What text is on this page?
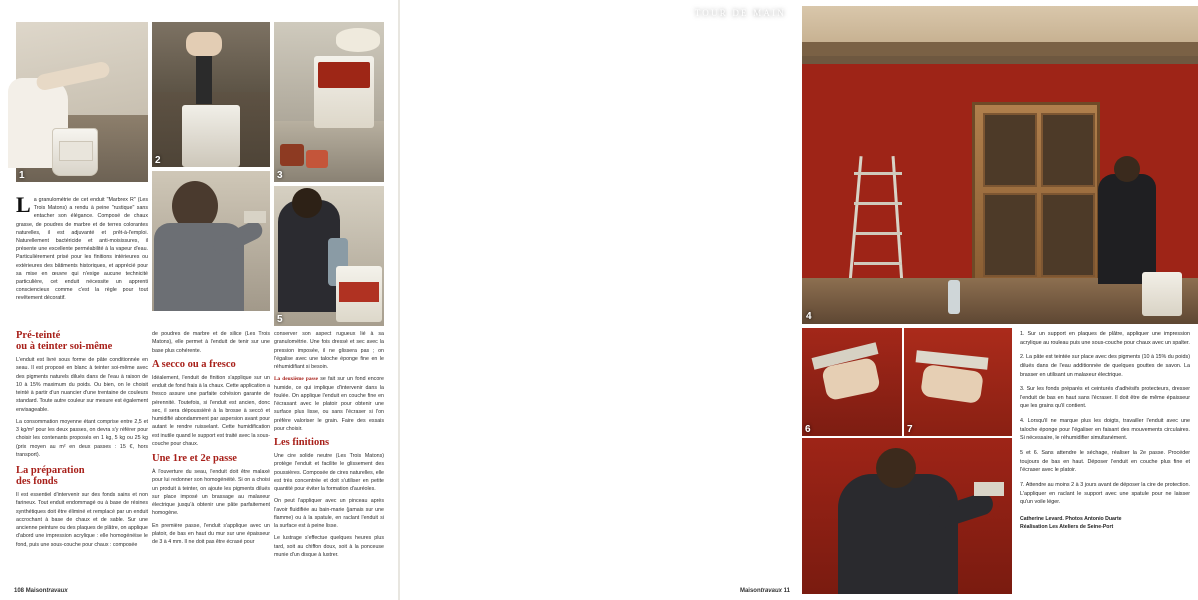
1
2
3
5
La granulométrie de cet enduit "Marbrex R" (Les Trois Matons) a rendu à peine "rustique" sans entacher son élégance. Composé de chaux grasse, de poudres de marbre et de terres colorantes naturelles, il est adjuvanté et prêt-à-l'emploi. Naturellement bactéricide et anti-moisissures, il présente une excellente perméabilité à la vapeur d'eau. Particulièrement prisé pour les finitions intérieures ou extérieures des bâtiments historiques, et apprécié pour sa mise en œuvre qui n'exige aucune technicité particulière, cet enduit nécessite un apprenti consciencieux comme c'est la règle pour tout revêtement décoratif.
Pré-teinté
ou à teinter soi-même

L'enduit est livré sous forme de pâte conditionnée en seau. Il est proposé en blanc à teinter soi-même avec des pigments naturels dilués dans de l'eau à raison de 10 à 15% maximum du poids. Ou bien, on le choisit teinté à partir d'un nuancier d'une trentaine de couleurs standard. Toute autre couleur sur mesure est également envisageable.

La consommation moyenne étant comprise entre 2,5 et 3 kg/m² pour les deux passes, on devra s'y référer pour choisir les contenants proposés en 1 kg, 5 kg ou 25 kg (prix moyen au m² en deux passes : 15 €, hors transport).

La préparation
des fonds

Il est essentiel d'intervenir sur des fonds sains et non farineux. Tout enduit endommagé ou à base de résines synthétiques doit être éliminé et remplacé par un enduit accrochant à base de chaux et de sable. Sur une ancienne peinture ou des plaques de plâtre, on applique d'abord une impression acrylique : elle homogénéise le fond, puis une sous-couche pour chaux : composée

de poudres de marbre et de silice (Les Trois Matons), elle permet à l'enduit de tenir sur une base plus cohérente.

A secco ou a fresco

Idéalement, l'enduit de finition s'applique sur un enduit de fond frais à la chaux. Cette application a fresco assure une parfaite cohésion garante de pérennité. Toutefois, si l'enduit est ancien, donc sec, il sera dépoussiéré à la brosse à seccó et humidifié abondamment par aspersion avant pour autant le rendre ruisselant. Cette humidification est inutile quand le support est traité avec la sous-couche pour chaux.

Une 1re et 2e passe

À l'ouverture du seau, l'enduit doit être malaxé pour lui redonner son homogénéité. Si on a choisi un produit à teinter, on ajoute les pigments dilués sur place imposé un brassage au malaxeur électrique jusqu'à obtenir une pâte parfaitement homogène.

En première passe, l'enduit s'applique avec un platoir, de bas en haut du mur sur une épaisseur de 3 à 4 mm. Il ne doit pas être écrasé pour

conserver son aspect rugueux lié à sa granulométrie. Une fois dressé et sec avec la pression imposée, il ne glissera pas ; on l'égalise avec une taloche éponge fine en le réhumidifiant si besoin.

La deuxième passe se fait sur un fond encore humide, ce qui implique d'intervenir dans la foulée. On applique l'enduit en couche fine en l'écrasant avec le platoir pour obtenir une surface plus lisse, ou sans l'écraser si l'on préfère valoriser le grain. Faire des essais pour choisir.

Les finitions

Une cire solide neutre (Les Trois Matons) protège l'enduit et facilite le glissement des poussières. Composée de cires naturelles, elle est très concentrée et doit s'utiliser en petite quantité pour éviter la formation d'auréoles.

On peut l'appliquer avec un pinceau après l'avoir fluidifiée au bain-marie (jamais sur une flamme) ou à la spatule, en raclant l'enduit si la surface est à peine lisse.

Le lustrage s'effectue quelques heures plus tard, soit au chiffon doux, soit à la ponceuse munie d'un disque à lustrer.

108 Maisontravaux
4
TOUR DE MAIN
6	7

1. Sur un support en plaques de plâtre, appliquer une impression acrylique au rouleau puis une sous-couche pour chaux avec un spalter.

2. La pâte est teintée sur place avec des pigments (10 à 15% du poids) dilués dans de l'eau additionnée de quelques gouttes de savon. La brasser en utilisant un malaxeur électrique.

3. Sur les fonds préparés et ceinturés d'adhésifs protecteurs, dresser l'enduit de bas en haut sans l'écraser. Il doit être de même épaisseur que les grains qu'il contient.

4. Lorsqu'il ne marque plus les doigts, travailler l'enduit avec une taloche éponge pour l'égaliser en faisant des mouvements circulaires. Si nécessaire, le réhumidifier simultanément.

5 et 6. Sans attendre le séchage, réaliser la 2e passe. Procéder toujours de bas en haut. Déposer l'enduit en couche plus fine et l'écraser avec le platoir.

7. Attendre au moins 2 à 3 jours avant de déposer la cire de protection. L'appliquer en raclant le support avec une spatule pour ne laisser qu'un voile léger.

Catherine Levard. Photos Antonio Duarte
Réalisation Les Ateliers de Seine-Port
Maisontravaux 11
